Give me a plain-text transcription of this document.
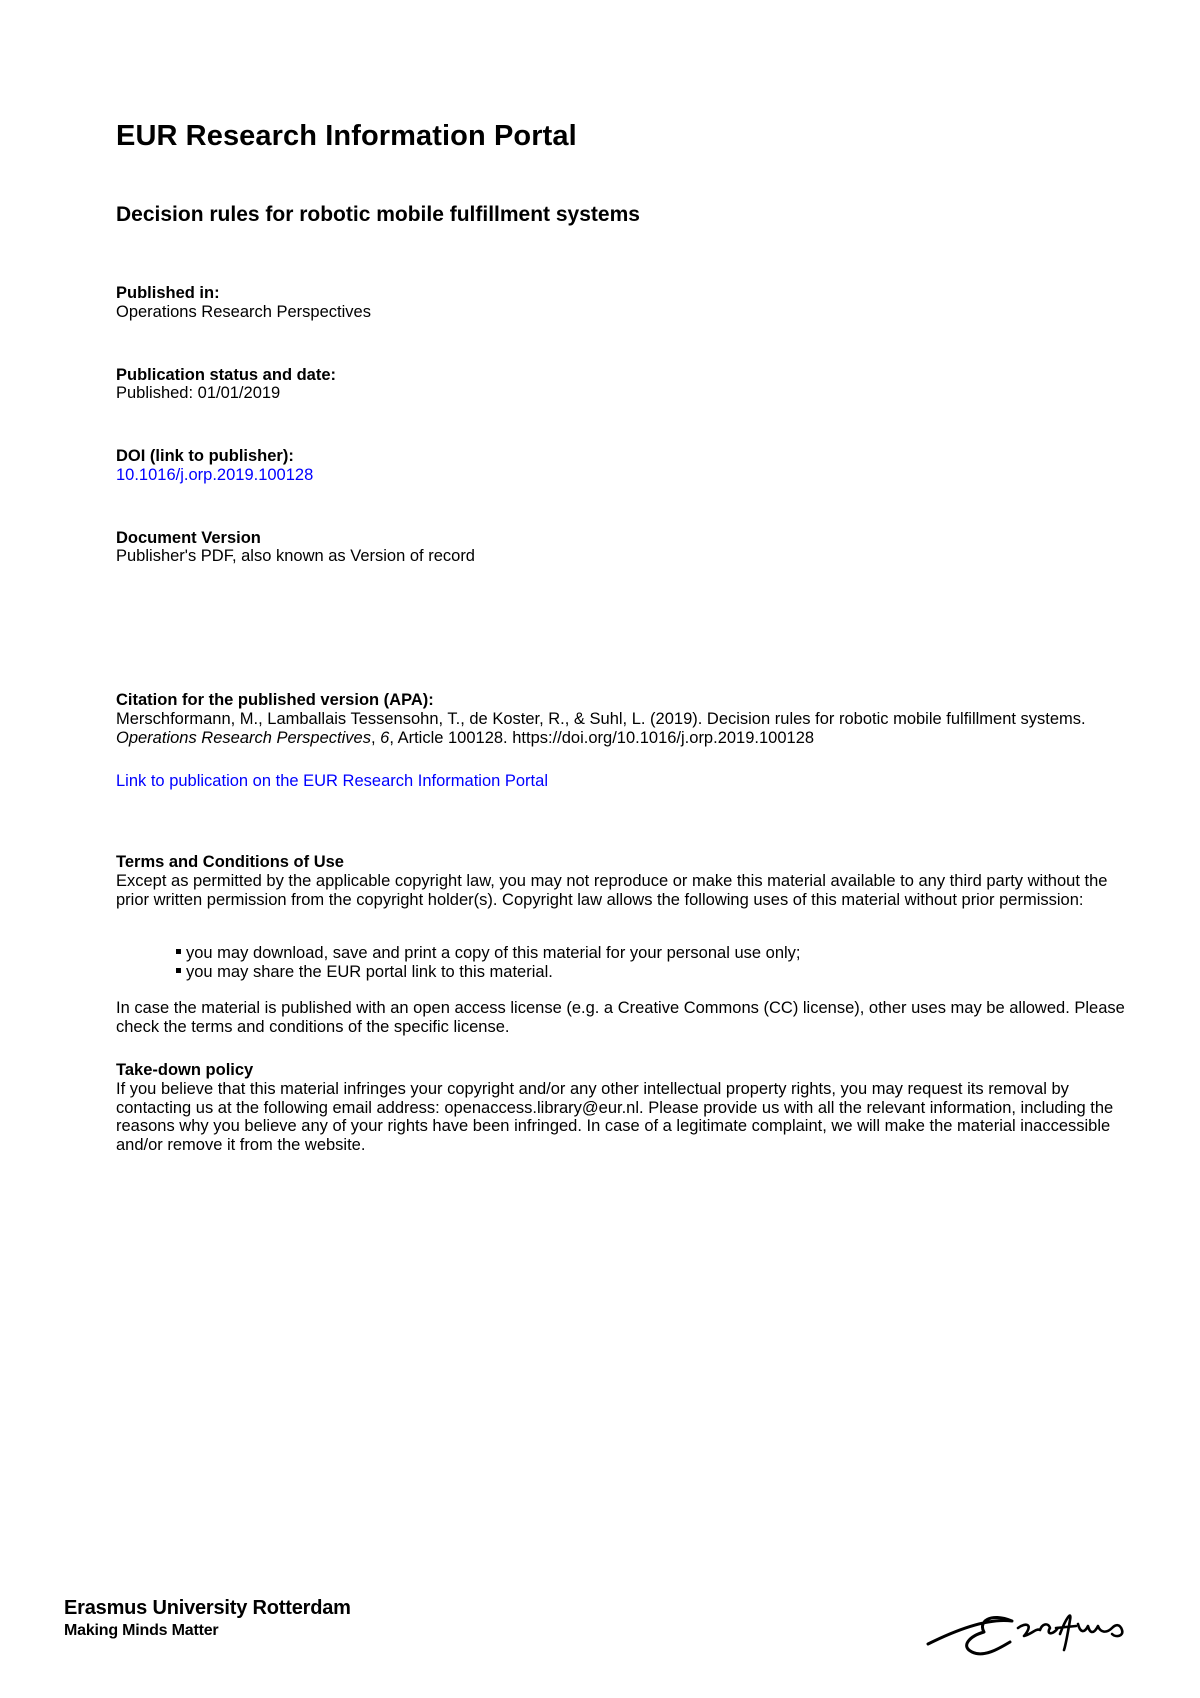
EUR Research Information Portal
Decision rules for robotic mobile fulfillment systems
Published in:
Operations Research Perspectives
Publication status and date:
Published: 01/01/2019
DOI (link to publisher):
10.1016/j.orp.2019.100128
Document Version
Publisher's PDF, also known as Version of record
Citation for the published version (APA):
Merschformann, M., Lamballais Tessensohn, T., de Koster, R., & Suhl, L. (2019). Decision rules for robotic mobile fulfillment systems. Operations Research Perspectives, 6, Article 100128. https://doi.org/10.1016/j.orp.2019.100128
Link to publication on the EUR Research Information Portal
Terms and Conditions of Use
Except as permitted by the applicable copyright law, you may not reproduce or make this material available to any third party without the prior written permission from the copyright holder(s). Copyright law allows the following uses of this material without prior permission:
you may download, save and print a copy of this material for your personal use only;
you may share the EUR portal link to this material.
In case the material is published with an open access license (e.g. a Creative Commons (CC) license), other uses may be allowed. Please check the terms and conditions of the specific license.
Take-down policy
If you believe that this material infringes your copyright and/or any other intellectual property rights, you may request its removal by contacting us at the following email address: openaccess.library@eur.nl. Please provide us with all the relevant information, including the reasons why you believe any of your rights have been infringed. In case of a legitimate complaint, we will make the material inaccessible and/or remove it from the website.
Erasmus University Rotterdam
Making Minds Matter
